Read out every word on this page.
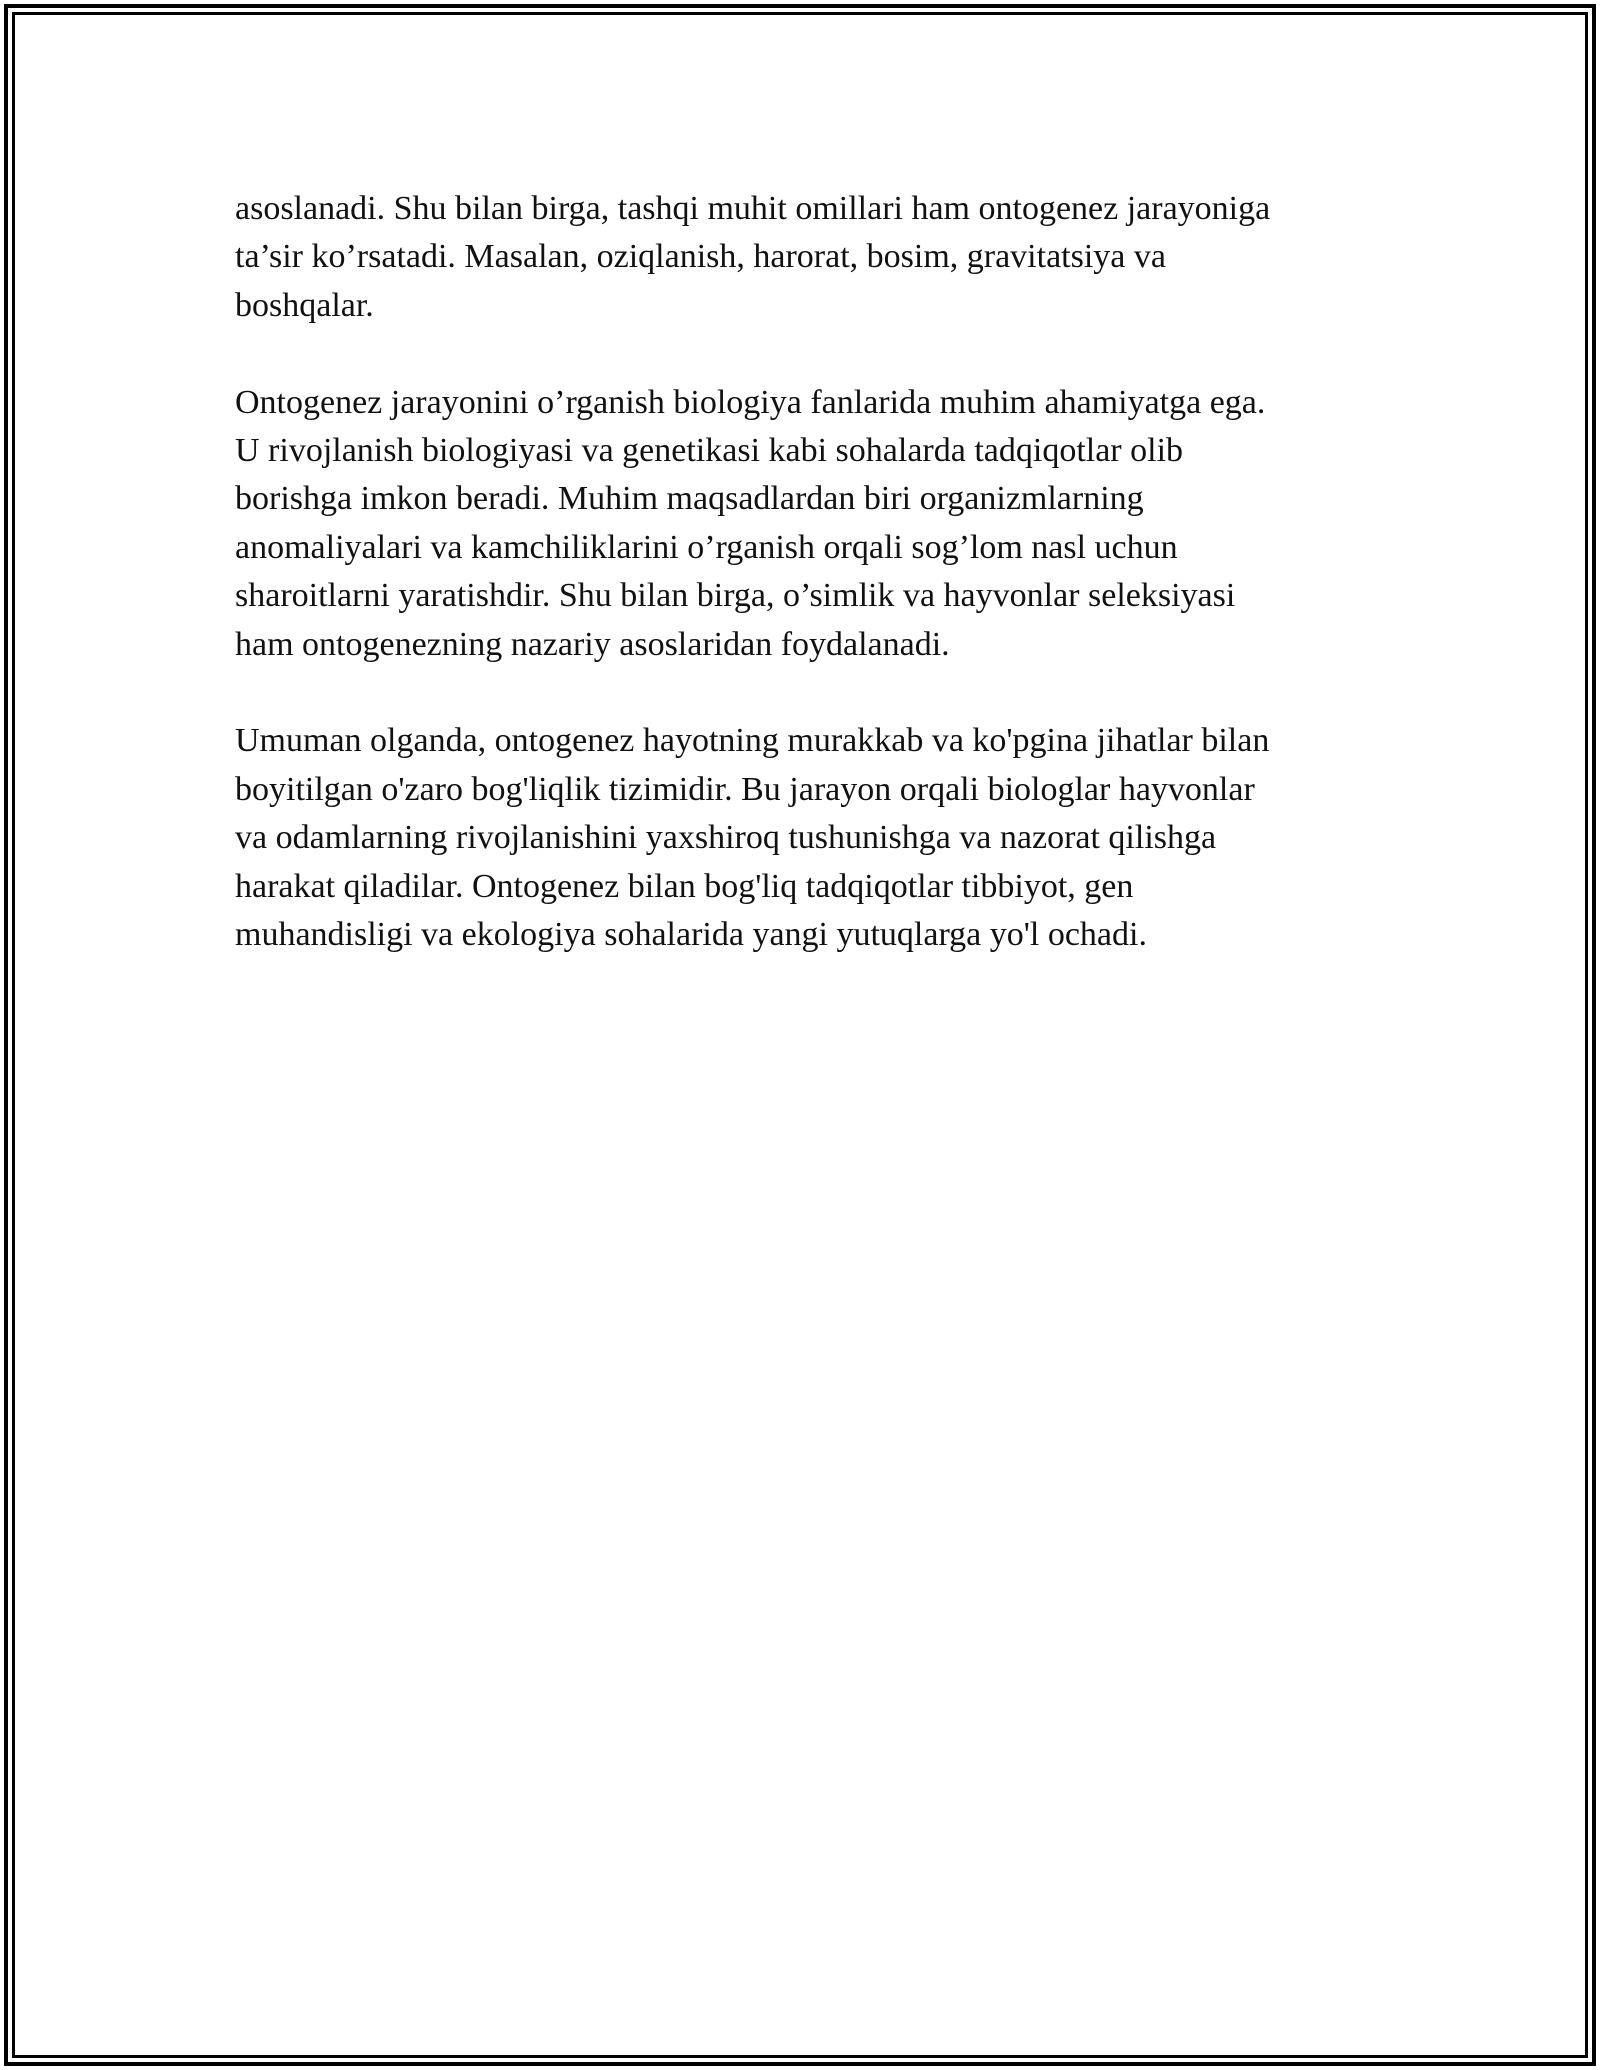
asoslanadi. Shu bilan birga, tashqi muhit omillari ham ontogenez jarayoniga
ta’sir ko’rsatadi. Masalan, oziqlanish, harorat, bosim, gravitatsiya va
boshqalar.

Ontogenez jarayonini o’rganish biologiya fanlarida muhim ahamiyatga ega.
U rivojlanish biologiyasi va genetikasi kabi sohalarda tadqiqotlar olib
borishga imkon beradi. Muhim maqsadlardan biri organizmlarning
anomaliyalari va kamchiliklarini o’rganish orqali sog’lom nasl uchun
sharoitlarni yaratishdir. Shu bilan birga, o’simlik va hayvonlar seleksiyasi
ham ontogenezning nazariy asoslaridan foydalanadi.

Umuman olganda, ontogenez hayotning murakkab va ko'pgina jihatlar bilan
boyitilgan o'zaro bog'liqlik tizimidir. Bu jarayon orqali biologlar hayvonlar
va odamlarning rivojlanishini yaxshiroq tushunishga va nazorat qilishga
harakat qiladilar. Ontogenez bilan bog'liq tadqiqotlar tibbiyot, gen
muhandisligi va ekologiya sohalarida yangi yutuqlarga yo'l ochadi.
